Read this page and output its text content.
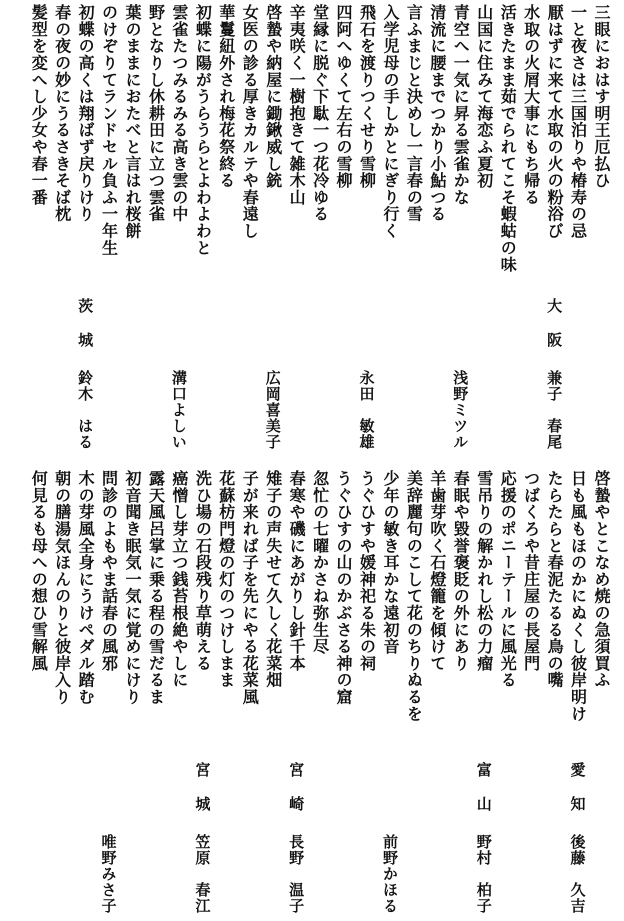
三眼におはす明王厄払ひ
一と夜さは三国泊りや椿寿の忌
厭はずに来て水取の火の粉浴び
水取の火屑大事にもち帰る
活きたまま茹でられてこそ蝦蛄の味
山国に住みて海恋ふ夏初
青空へ一気に昇る雲雀かな
清流に腰までつかり小鮎つる
言ふまじと決めし一言春の雪
入学児母の手しかとにぎり行く
飛石を渡りつくせり雪柳
四阿へゆくて左右の雪柳
堂縁に脱ぐ下駄一つ花冷ゆる
辛夷咲く一樹抱きて雑木山
啓蟄や納屋に鋤鍬威し銃
女医の診る厚きカルテや春遠し
華鬘紐外され梅花祭終る
初蝶に陽がうらうらとよわよわと
雲雀たつみるみる高き雲の中
野となりし休耕田に立つ雲雀
葉のままにおたべと言はれ桜餅
のけぞりてランドセル負ふ一年生
初蝶の高くは翔ばず戻りけり
春の夜の妙にうるさきそば枕
髪型を変へし少女や春一番
大阪
兼子　春尾
浅野ミツル
永田　敏雄
広岡喜美子
溝口よしい
茨城
鈴木　はる
啓蟄やとこなめ焼の急須買ふ
日も風もほのかにぬくし彼岸明け
たらたらと春泥たるる鳥の嘴
つばくろや昔庄屋の長屋門
応援のポニーテールに風光る
雪吊りの解かれし松の力瘤
春眠や毀誉褒貶の外にあり
羊歯芽吹く石燈籠を傾けて
美辞麗句のこして花のちりぬるを
少年の敏き耳かな遠初音
うぐひすや媛神祀る朱の祠
うぐひすの山のかぶさる神の窟
忽忙の七曜かさね弥生尽
春寒や磯にあがりし針千本
雉子の声失せて久しく花菜畑
子が来れば子を先にやる花菜風
花蘇枋門燈の灯のつけしまま
洗ひ場の石段残り草萌える
癌憎し芽立つ銭苔根絶やしに
露天風呂掌に乗る程の雪だるま
初音聞き眠気一気に覚めにけり
問診のよもやま話春の風邪
木の芽風全身にうけペダル踏む
朝の膳湯気ほんのりと彼岸入り
何見るも母への想ひ雪解風
愛知
後藤　久吉
富山
野村　柏子
前野かほる
宮崎
長野　温子
宮城
笠原　春江
唯野みさ子
